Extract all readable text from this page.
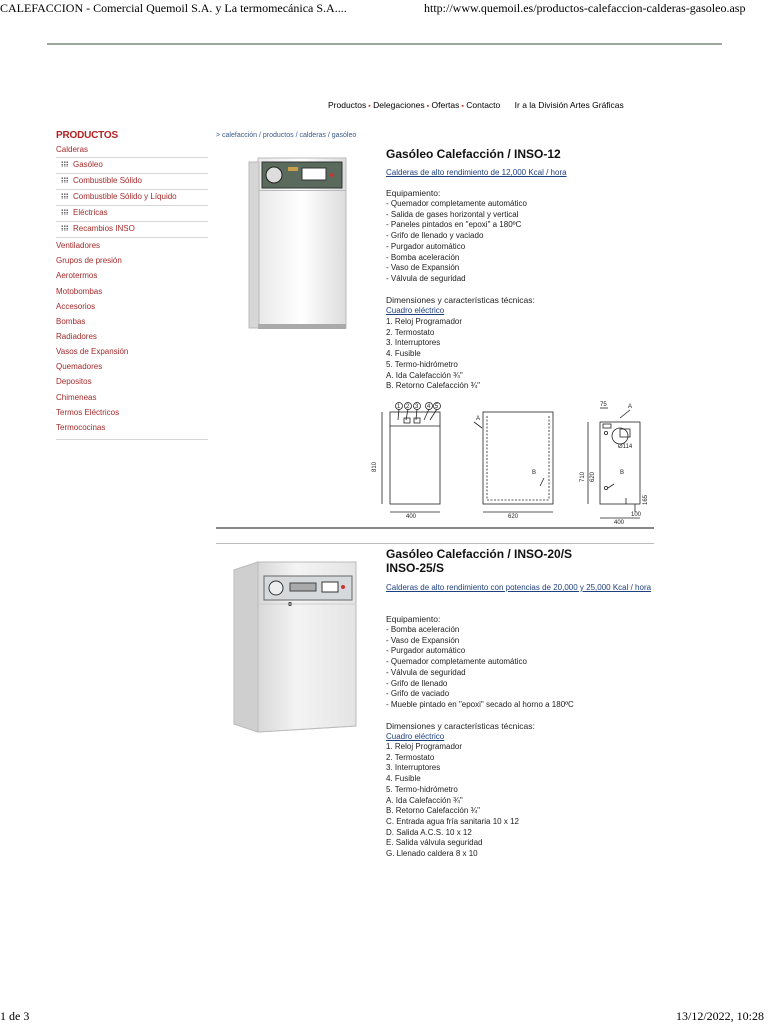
CALEFACCION - Comercial Quemoil S.A. y La termomecánica S.A....	http://www.quemoil.es/productos-calefaccion-calderas-gasoleo.asp
Productos ▪ Delegaciones ▪ Ofertas ▪ Contacto Ir a la División Artes Gráficas
PRODUCTOS
Calderas
Gasóleo
Combustible Sólido
Combustible Sólido y Líquido
Eléctricas
Recambios INSO
Ventiladores
Grupos de presión
Aerotermos
Motobombas
Accesorios
Bombas
Radiadores
Vasos de Expansión
Quemadores
Depositos
Chimeneas
Termos Eléctricos
Termococinas
> calefacción / productos / calderas / gasóleo
Gasóleo Calefacción / INSO-12
Calderas de alto rendimiento de 12,000 Kcal / hora
Equipamiento:
- Quemador completamente automático
- Salida de gases horizontal y vertical
- Paneles pintados en "epoxi" a 180ºC
- Grifo de llenado y vaciado
- Purgador automático
- Bomba aceleración
- Vaso de Expansión
- Válvula de seguridad
Dimensiones y características técnicas:
Cuadro eléctrico
1. Reloj Programador
2. Termostato
3. Interruptores
4. Fusible
5. Termo-hidrómetro
A. Ida Calefacción ¾"
B. Retorno Calefacción ¾"
1 2 3 4 5
400
810
620
A
B
75	A
Ø114
710 620	B
165
100
400
Gasóleo Calefacción / INSO-20/S
INSO-25/S
Calderas de alto rendimiento con potencias de 20,000 y 25,000 Kcal / hora
Equipamiento:
- Bomba aceleración
- Vaso de Expansión
- Purgador automático
- Quemador completamente automático
- Válvula de seguridad
- Grifo de llenado
- Grifo de vaciado
- Mueble pintado en "epoxi" secado al horno a 180ºC
Dimensiones y características técnicas:
Cuadro eléctrico
1. Reloj Programador
2. Termostato
3. Interruptores
4. Fusible
5. Termo-hidrómetro
A. Ida Calefacción ¾"
B. Retorno Calefacción ¾"
C. Entrada agua fría sanitaria 10 x 12
D. Salida A.C.S. 10 x 12
E. Salida válvula seguridad
G. Llenado caldera 8 x 10
1 de 3	13/12/2022, 10:28
